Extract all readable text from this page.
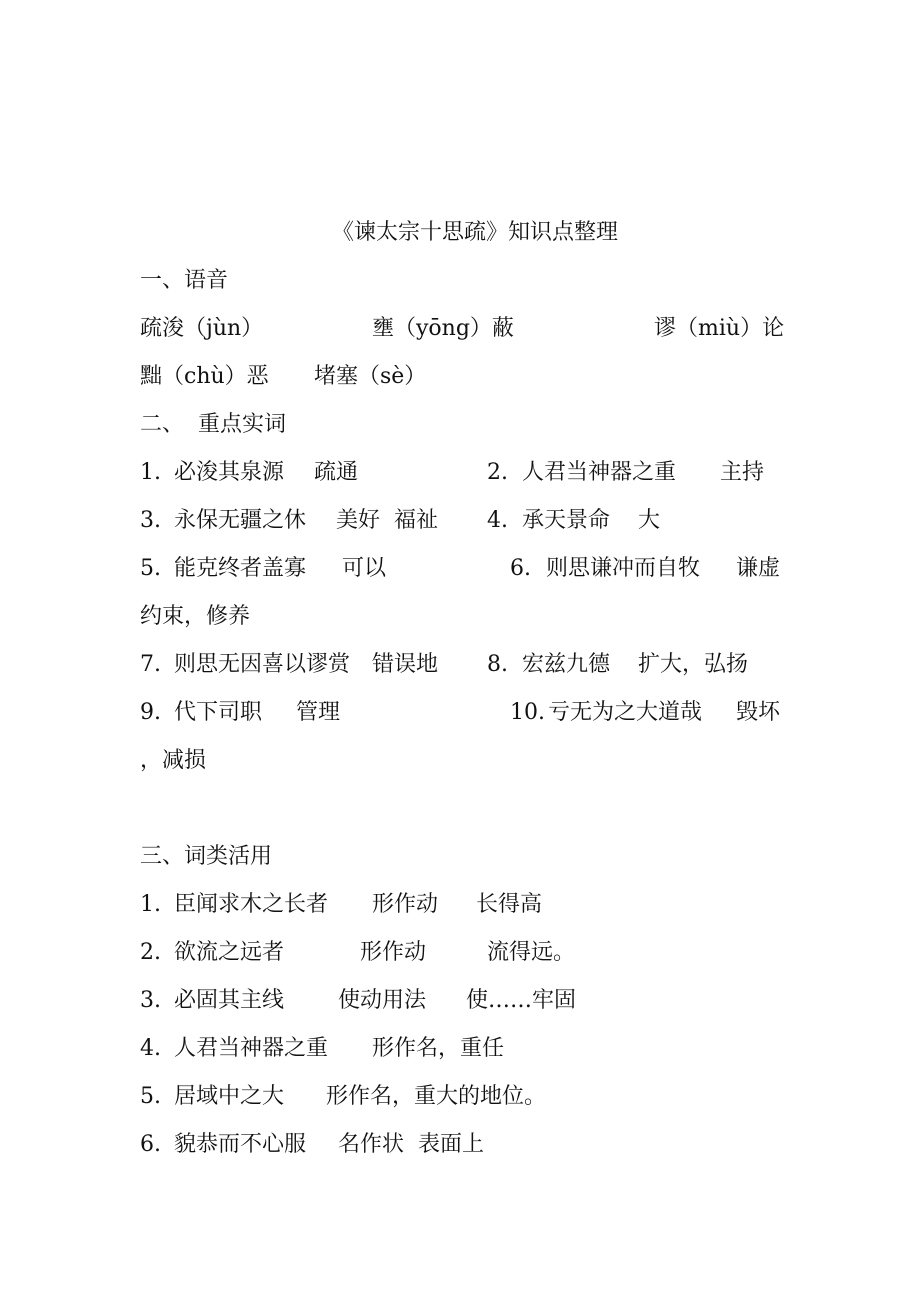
《谏太宗十思疏》知识点整理
一、语音
疏浚（jùn）	壅（yōng）蔽	谬（miù）论
黜（chù）恶 堵塞（sè）
二、  重点实词
1. 必浚其泉源 疏通	2. 人君当神器之重 主持
3. 永保无疆之休 美好  福祉 4. 承天景命 大
5. 能克终者盖寡 可以	6. 则思谦冲而自牧 谦虚
约束，修养
7. 则思无因喜以谬赏 错误地 8. 宏兹九德 扩大，弘扬
9. 代下司职 管理	10. 亏无为之大道哉 毁坏
，减损
三、词类活用
1. 臣闻求木之长者 形作动 长得高
2. 欲流之远者	形作动	流得远。
3. 必固其主线 使动用法 使……牢固
4. 人君当神器之重 形作名，重任
5. 居域中之大 形作名，重大的地位。
6. 貌恭而不心服 名作状 表面上
